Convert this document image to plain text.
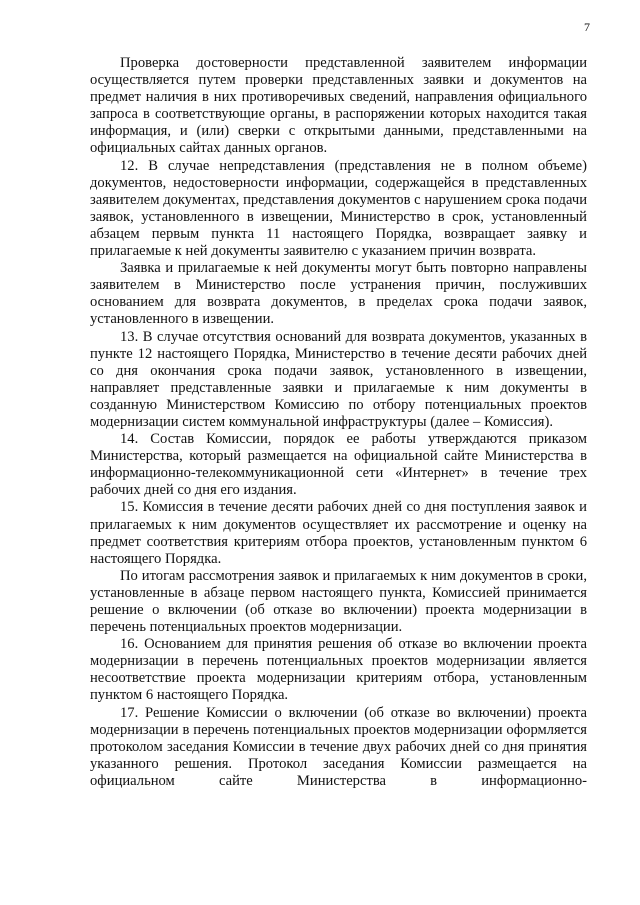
7

Проверка достоверности представленной заявителем информации осуществляется путем проверки представленных заявки и документов на предмет наличия в них противоречивых сведений, направления официального запроса в соответствующие органы, в распоряжении которых находится такая информация, и (или) сверки с открытыми данными, представленными на официальных сайтах данных органов.

12. В случае непредставления (представления не в полном объеме) документов, недостоверности информации, содержащейся в представленных заявителем документах, представления документов с нарушением срока подачи заявок, установленного в извещении, Министерство в срок, установленный абзацем первым пункта 11 настоящего Порядка, возвращает заявку и прилагаемые к ней документы заявителю с указанием причин возврата.

Заявка и прилагаемые к ней документы могут быть повторно направлены заявителем в Министерство после устранения причин, послуживших основанием для возврата документов, в пределах срока подачи заявок, установленного в извещении.

13. В случае отсутствия оснований для возврата документов, указанных в пункте 12 настоящего Порядка, Министерство в течение десяти рабочих дней со дня окончания срока подачи заявок, установленного в извещении, направляет представленные заявки и прилагаемые к ним документы в созданную Министерством Комиссию по отбору потенциальных проектов модернизации систем коммунальной инфраструктуры (далее – Комиссия).

14. Состав Комиссии, порядок ее работы утверждаются приказом Министерства, который размещается на официальной сайте Министерства в информационно-телекоммуникационной сети «Интернет» в течение трех рабочих дней со дня его издания.

15. Комиссия в течение десяти рабочих дней со дня поступления заявок и прилагаемых к ним документов осуществляет их рассмотрение и оценку на предмет соответствия критериям отбора проектов, установленным пунктом 6 настоящего Порядка.

По итогам рассмотрения заявок и прилагаемых к ним документов в сроки, установленные в абзаце первом настоящего пункта, Комиссией принимается решение о включении (об отказе во включении) проекта модернизации в перечень потенциальных проектов модернизации.

16. Основанием для принятия решения об отказе во включении проекта модернизации в перечень потенциальных проектов модернизации является несоответствие проекта модернизации критериям отбора, установленным пунктом 6 настоящего Порядка.

17. Решение Комиссии о включении (об отказе во включении) проекта модернизации в перечень потенциальных проектов модернизации оформляется протоколом заседания Комиссии в течение двух рабочих дней со дня принятия указанного решения. Протокол заседания Комиссии размещается на официальном сайте Министерства в информационно-
